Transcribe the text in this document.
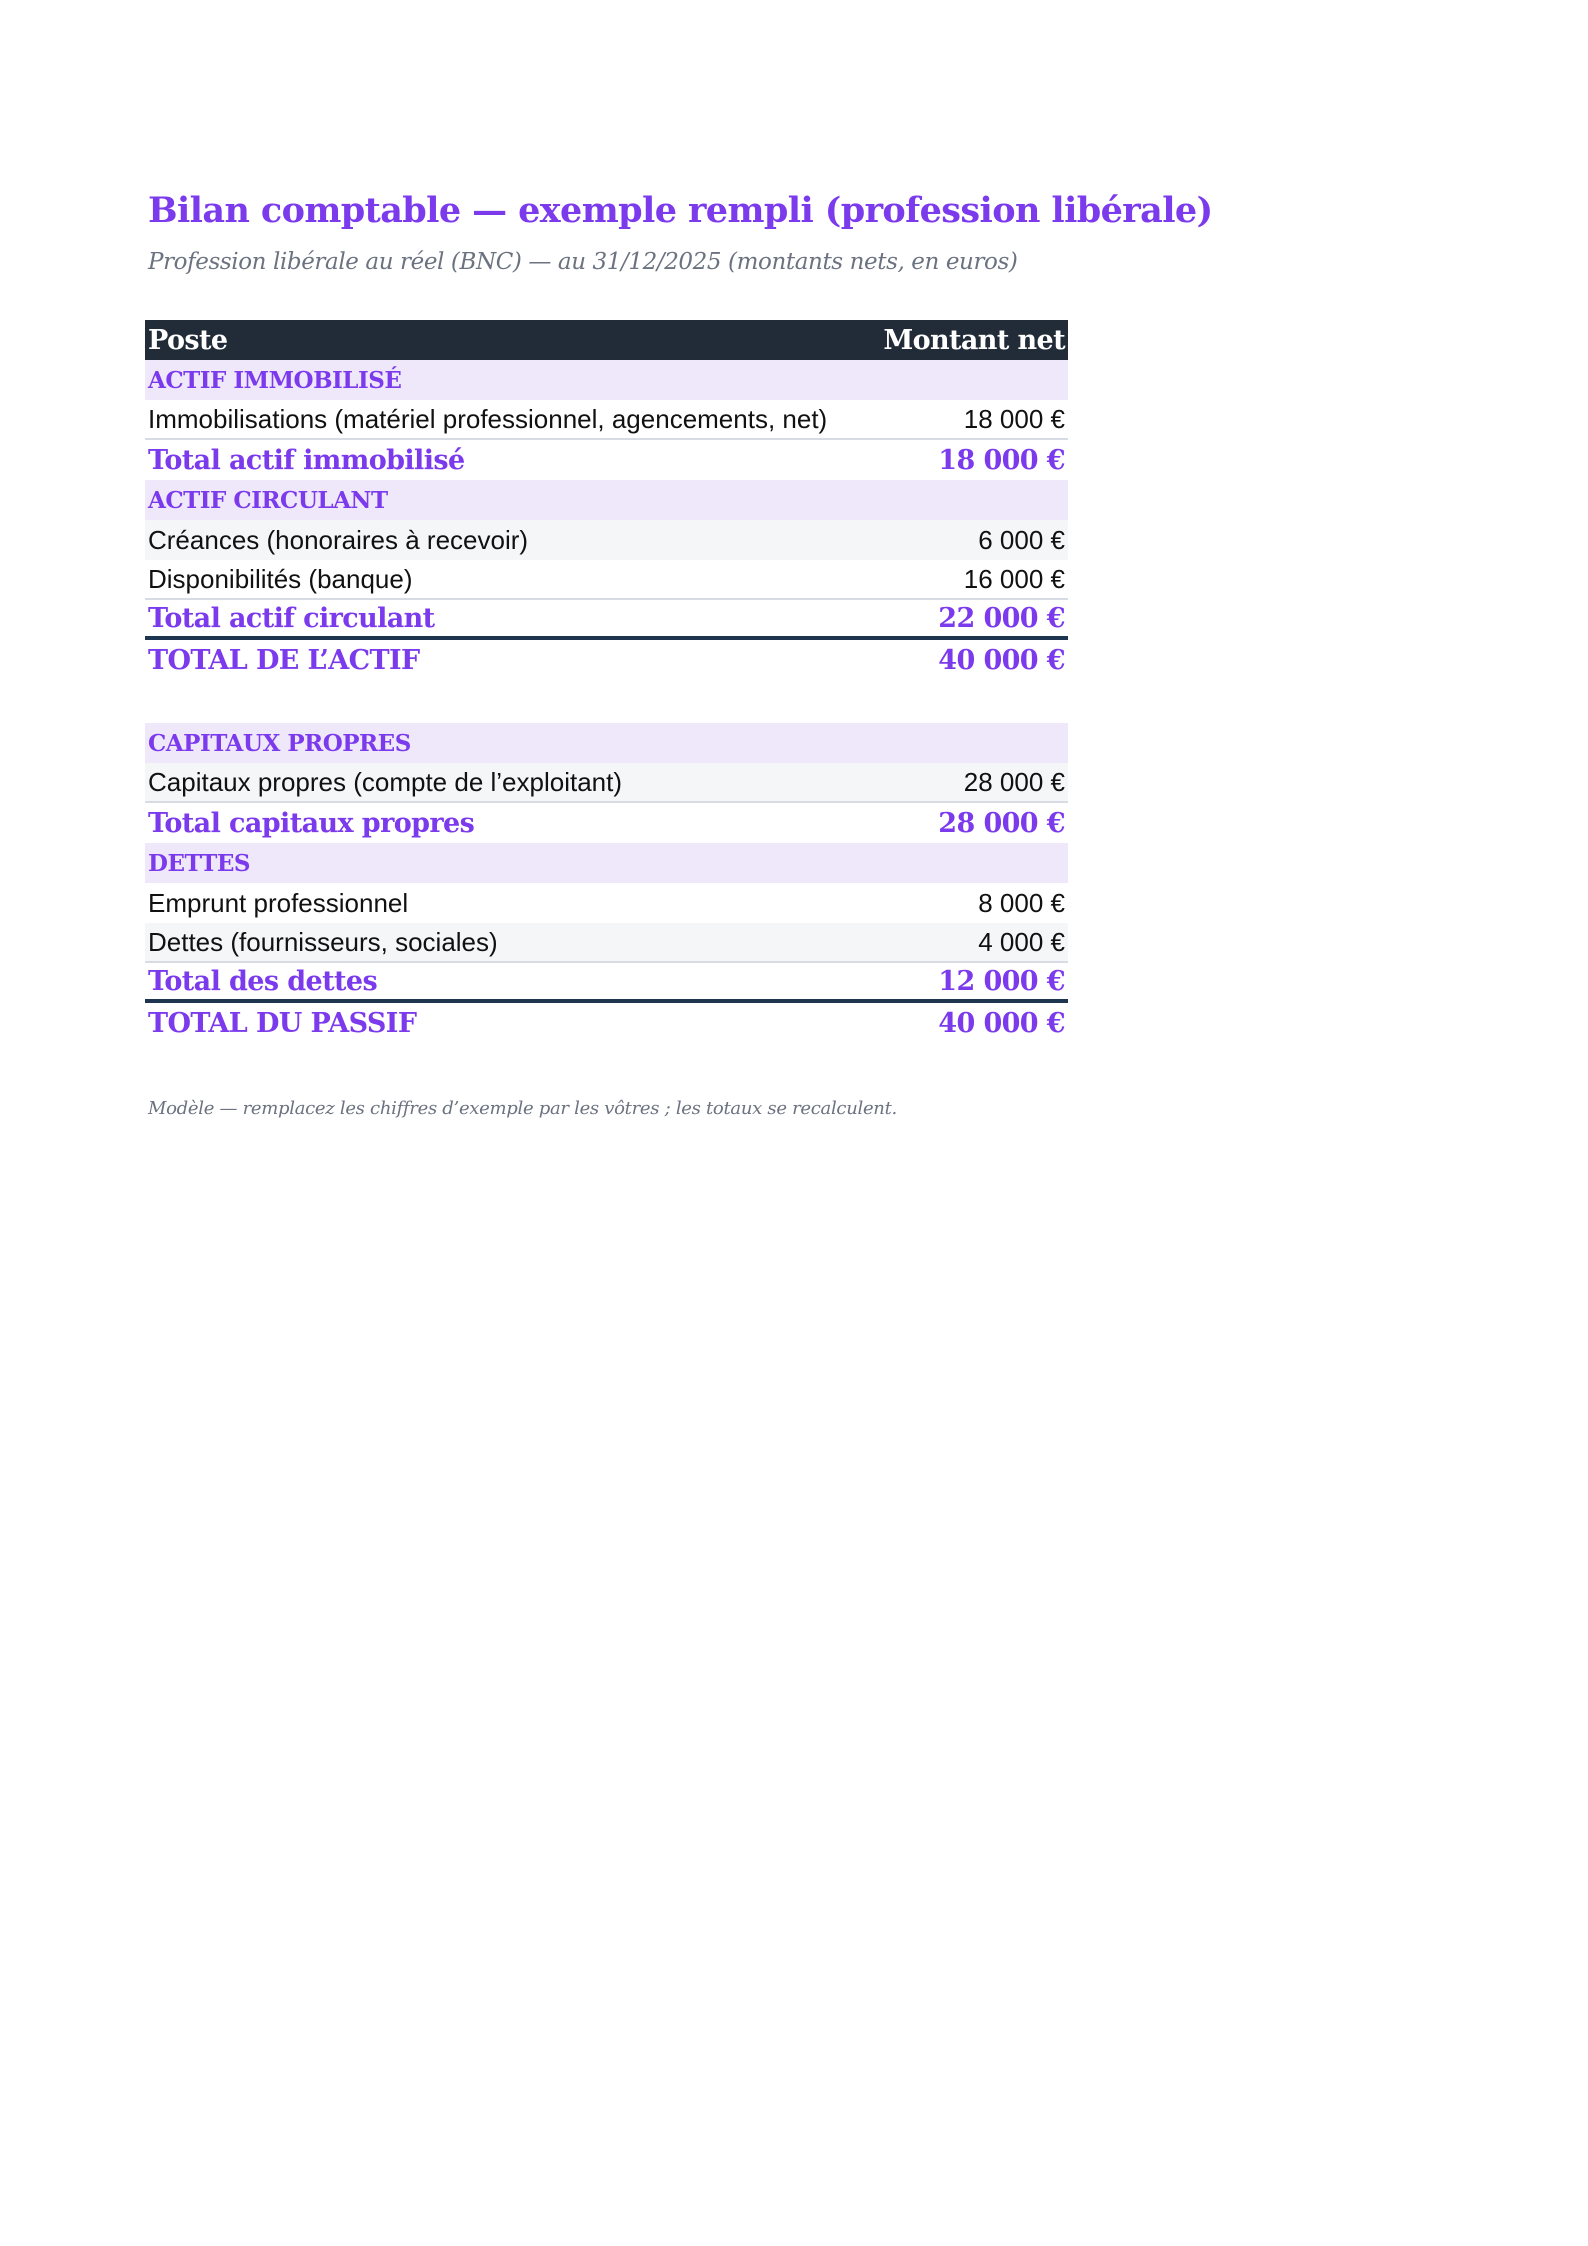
Bilan comptable — exemple rempli (profession libérale)
Profession libérale au réel (BNC) — au 31/12/2025 (montants nets, en euros)
Poste	Montant net
ACTIF IMMOBILISÉ
Immobilisations (matériel professionnel, agencements, net)	18 000 €
Total actif immobilisé	18 000 €
ACTIF CIRCULANT
Créances (honoraires à recevoir)	6 000 €
Disponibilités (banque)	16 000 €
Total actif circulant	22 000 €
TOTAL DE L’ACTIF	40 000 €
CAPITAUX PROPRES
Capitaux propres (compte de l’exploitant)	28 000 €
Total capitaux propres	28 000 €
DETTES
Emprunt professionnel	8 000 €
Dettes (fournisseurs, sociales)	4 000 €
Total des dettes	12 000 €
TOTAL DU PASSIF	40 000 €
Modèle — remplacez les chiffres d’exemple par les vôtres ; les totaux se recalculent.
